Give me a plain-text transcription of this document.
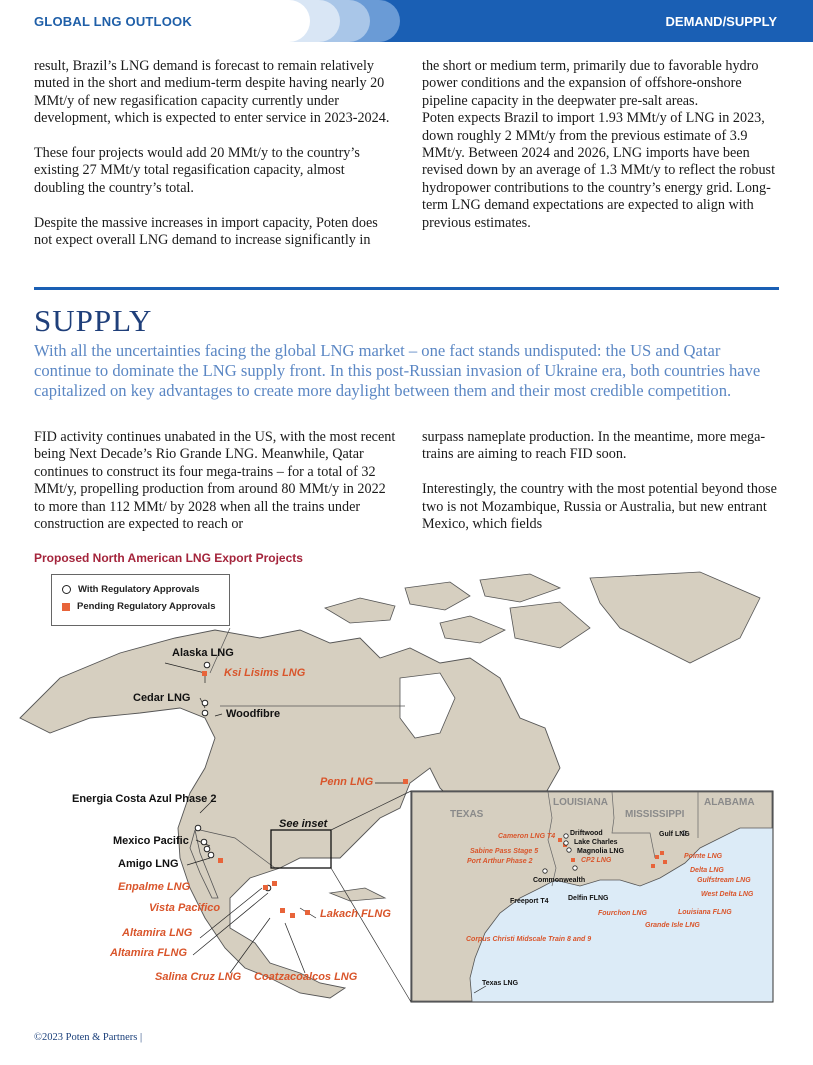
GLOBAL LNG OUTLOOK	DEMAND/SUPPLY

result, Brazil’s LNG demand is forecast to remain relatively muted in the short and medium-term despite having nearly 20 MMt/y of new regasification capacity currently under development, which is expected to enter service in 2023-2024.

These four projects would add 20 MMt/y to the country’s existing 27 MMt/y total regasification capacity, almost doubling the country’s total.

Despite the massive increases in import capacity, Poten does not expect overall LNG demand to increase significantly in

the short or medium term, primarily due to favorable hydro power conditions and the expansion of offshore-onshore pipeline capacity in the deepwater pre-salt areas.

Poten expects Brazil to import 1.93 MMt/y of LNG in 2023, down roughly 2 MMt/y from the previous estimate of 3.9 MMt/y. Between 2024 and 2026, LNG imports have been revised down by an average of 1.3 MMt/y to reflect the robust hydropower contributions to the country’s energy grid. Long-term LNG demand expectations are expected to align with previous estimates.

SUPPLY
With all the uncertainties facing the global LNG market – one fact stands undisputed: the US and Qatar continue to dominate the LNG supply front. In this post-Russian invasion of Ukraine era, both countries have capitalized on key advantages to create more daylight between them and their most credible competition.

FID activity continues unabated in the US, with the most recent being Next Decade’s Rio Grande LNG. Meanwhile, Qatar continues to construct its four mega-trains – for a total of 32 MMt/y, propelling production from around 80 MMt/y in 2022 to more than 112 MMt/ by 2028 when all the trains under construction are expected to reach or

surpass nameplate production. In the meantime, more mega-trains are aiming to reach FID soon.

Interestingly, the country with the most potential beyond those two is not Mozambique, Russia or Australia, but new entrant Mexico, which fields

Proposed North American LNG Export Projects
With Regulatory Approvals
Pending Regulatory Approvals
Alaska LNG
Ksi Lisims LNG
Cedar LNG
Woodfibre
Penn LNG
Energia Costa Azul Phase 2
See inset
Mexico Pacific
Amigo LNG
Enpalme LNG
Vista Pacifico
Altamira LNG
Altamira FLNG
Salina Cruz LNG Coatzacoalcos LNG
Lakach FLNG
TEXAS
LOUISIANA
MISSISSIPPI
ALABAMA
Cameron LNG T4
Sabine Pass Stage 5
Port Arthur Phase 2
Driftwood
Lake Charles
Magnolia LNG
CP2 LNG
Commonwealth
Freeport T4	Delfin FLNG
Gulf LNG
Pointe LNG
Delta LNG
Gulfstream LNG
West Delta LNG
Fourchon LNG	Louisiana FLNG
Grande Isle LNG
Corpus Christi Midscale Train 8 and 9
Texas LNG
©2023 Poten & Partners |
